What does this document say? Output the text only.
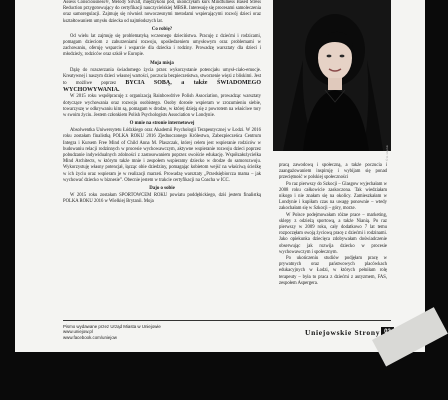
Assess Consciousness®, Melody Silvalt, międzykoni pod, ukończyłam kurs Mindfulness Based Stress Reduction przygotowujący do certyfikacji nauczycielskiej MBSR. Interesuję się procesami samoleczenia oraz samoregulacji. Zajmuję się również nowoczesnymi metodami wspierającymi rozwój dzieci oraz kształtowaniem umysłu dziecka od najmłodszych lat.

Co robię?

Od wielu lat zajmuję się problematyką wczesnego dzieciństwa. Pracuję z dziećmi i rodzicami, pomagam dzieciom z zaburzeniami rozwoju, upośledzeniem umysłowym oraz problemami w zachowaniu, oferuję wsparcie i wsparcie dla dziecka i rodziny. Prowadzę warsztaty dla dzieci i młodzieży, rodziców oraz szkół w Europie.

Moja misja

Dążę do rozszerzania świadomego życia przez wykorzystanie potencjału umysł-ciało-emocje. Kreatywnej i naszym dzieci własnej wartości, poczucia bezpieczeństwa, stworzenie więzi z bliskimi. Jest to możliwe poprzez BYCIA SOBĄ, a także ŚWIADOMEGO WYCHOWYWANIA.

W 2015 roku współpracuję z organizacją Rainbowdrive Polish Association, prowadząc warsztaty dotyczące wychowania oraz rozwoju osobistego. Osoby dorosłe wspieram w zrozumieniu siebie, towarzyszę w odkrywaniu kim są, pomagam w drodze, w której dzieją się z powrotem na właściwe tory w swoim życiu. Jestem członkiem Polish Psychologists Association w Londynie.

O mnie na stronie internetowej

Absolwentka Uniwersytetu Łódzkiego oraz Akademii Psychologii Terapeutycznej w Łodzi. W 2016 roku zostałam finalistką POLKA ROKU 2016 Zjednoczonego Królestwa, Zabezpieczeńca Centrum Integra i Kursem Free Mind of Child Anna M. Plaszczak, której celem jest wspieranie rodziców w budowaniu relacji rodzinnych w procesie wychowawczym, aktywne wspieranie rozwoju dzieci poprzez pobudzanie indywidualnych zdolności z zastosowaniem poprzez swoiście edukację. Współzałożycielka Mind Architects, w którym także mnie i zespołem wspieramy dziecko w drodze do samorozwoju. Wykorzystuję własny potencjał, łącząc obie dziedziny, pomagając kobietom wejść na właściwą ścieżkę w ich życiu oraz wspieram je w realizacji marzeń. Prowadzę warsztaty „Przedsiębiorcza mama – jak wychować dziecko w biznesie”. Obecnie jestem w trakcie certyfikacji na Coacha w ICC.

Dajo o sobie

W 2015 roku zostałam SPORTOWCEM ROKU powiatu poddębickiego, dziś jestem finalistką POLKA ROKU 2016 w Wielkiej Brytanii. Moja

© A. Hajduk

pracą zawodową i społeczną, a także poczucia i zaangażowaniem inspiruję i wybijam się ponad przeciętność w polskiej społeczności

Po raz pierwszy do Szkocji – Glasgow wyjechałam w 2008 roku całkowicie zaskoczona. Tak wiedziałam nikogo i nie znałam się na okolicy. Zamieszkałam w Londynie i kupiłam czas na uwagę ponownie – wtedy zakochałam się w Szkocji – góry, morze.

W Polsce podejmowałam różne prace – marketing, sklepy z odzieżą sportową, a także Nianią. Po raz pierwszy w 2009 roku, cały dodatkowo 7 lat temu rozpoczęłam swoją życiową pracę z dziećmi i rodzinami. Jako opiekunka dziecięca zdobywałam doświadczenie obserwując jak rozwija dziecko w procesie wychowawczym i społecznym.

Po ukończeniu studiów podjęłam pracę w prywatnych oraz państwowych placówkach edukacyjnych w Łodzi, w których pełniłam rolę terapeuty – była to praca z dziećmi z autyzmem, FAS, zespołem Aspergera.

Pismo wydawane przez Urząd Miasta w Uniejowie
www.uniejow.pl
www.facebook.com/uniejow
Uniejowskie Strony
